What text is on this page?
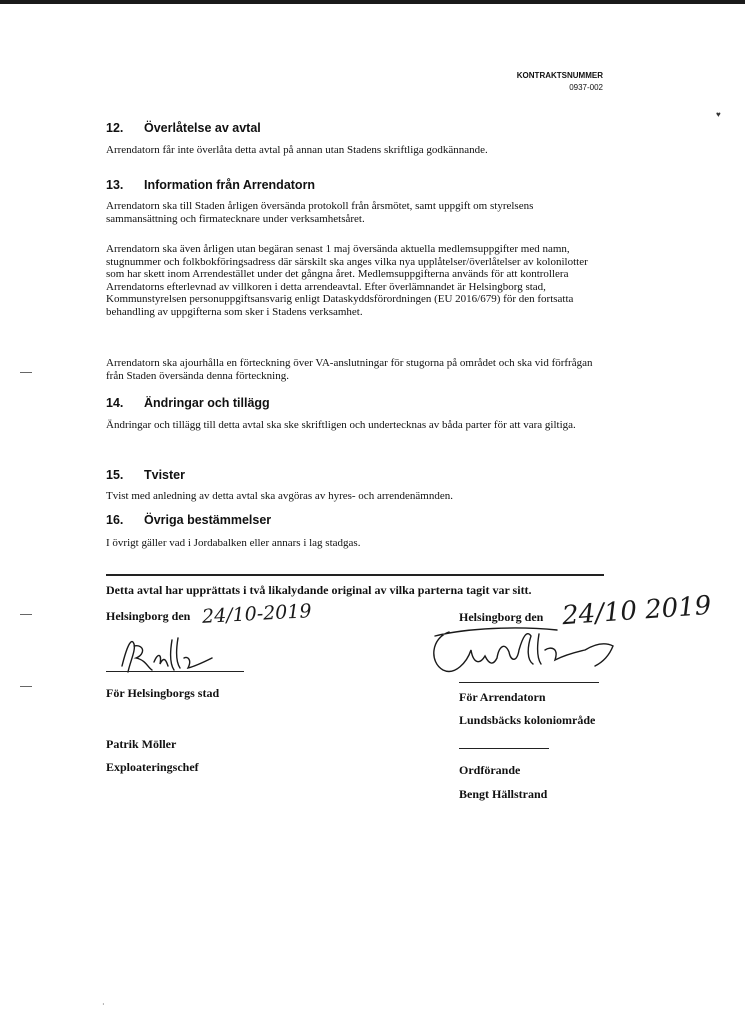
KONTRAKTSNUMMER
0937-002
12. Överlåtelse av avtal
Arrendatorn får inte överlåta detta avtal på annan utan Stadens skriftliga godkännande.
13. Information från Arrendatorn
Arrendatorn ska till Staden årligen översända protokoll från årsmötet, samt uppgift om styrelsens sammansättning och firmatecknare under verksamhetsåret.
Arrendatorn ska även årligen utan begäran senast 1 maj översända aktuella medlemsuppgifter med namn, stugnummer och folkbokföringsadress där särskilt ska anges vilka nya upplåtelser/överlåtelser av kolonilotter som har skett inom Arrendestället under det gångna året. Medlemsuppgifterna används för att kontrollera Arrendatorns efterlevnad av villkoren i detta arrendeavtal. Efter överlämnandet är Helsingborg stad, Kommunstyrelsen personuppgiftsansvarig enligt Dataskyddsförordningen (EU 2016/679) för den fortsatta behandling av uppgifterna som sker i Stadens verksamhet.
Arrendatorn ska ajourhålla en förteckning över VA-anslutningar för stugorna på området och ska vid förfrågan från Staden översända denna förteckning.
14. Ändringar och tillägg
Ändringar och tillägg till detta avtal ska ske skriftligen och undertecknas av båda parter för att vara giltiga.
15. Tvister
Tvist med anledning av detta avtal ska avgöras av hyres- och arrendenämnden.
16. Övriga bestämmelser
I övrigt gäller vad i Jordabalken eller annars i lag stadgas.
Detta avtal har upprättats i två likalydande original av vilka parterna tagit var sitt.
Helsingborg den 24/10-2019
För Helsingborgs stad
Patrik Möller
Exploateringschef
Helsingborg den 24/10 2019
För Arrendatorn
Lundsbäcks koloniområde
Ordförande
Bengt Hällstrand
♥
·
